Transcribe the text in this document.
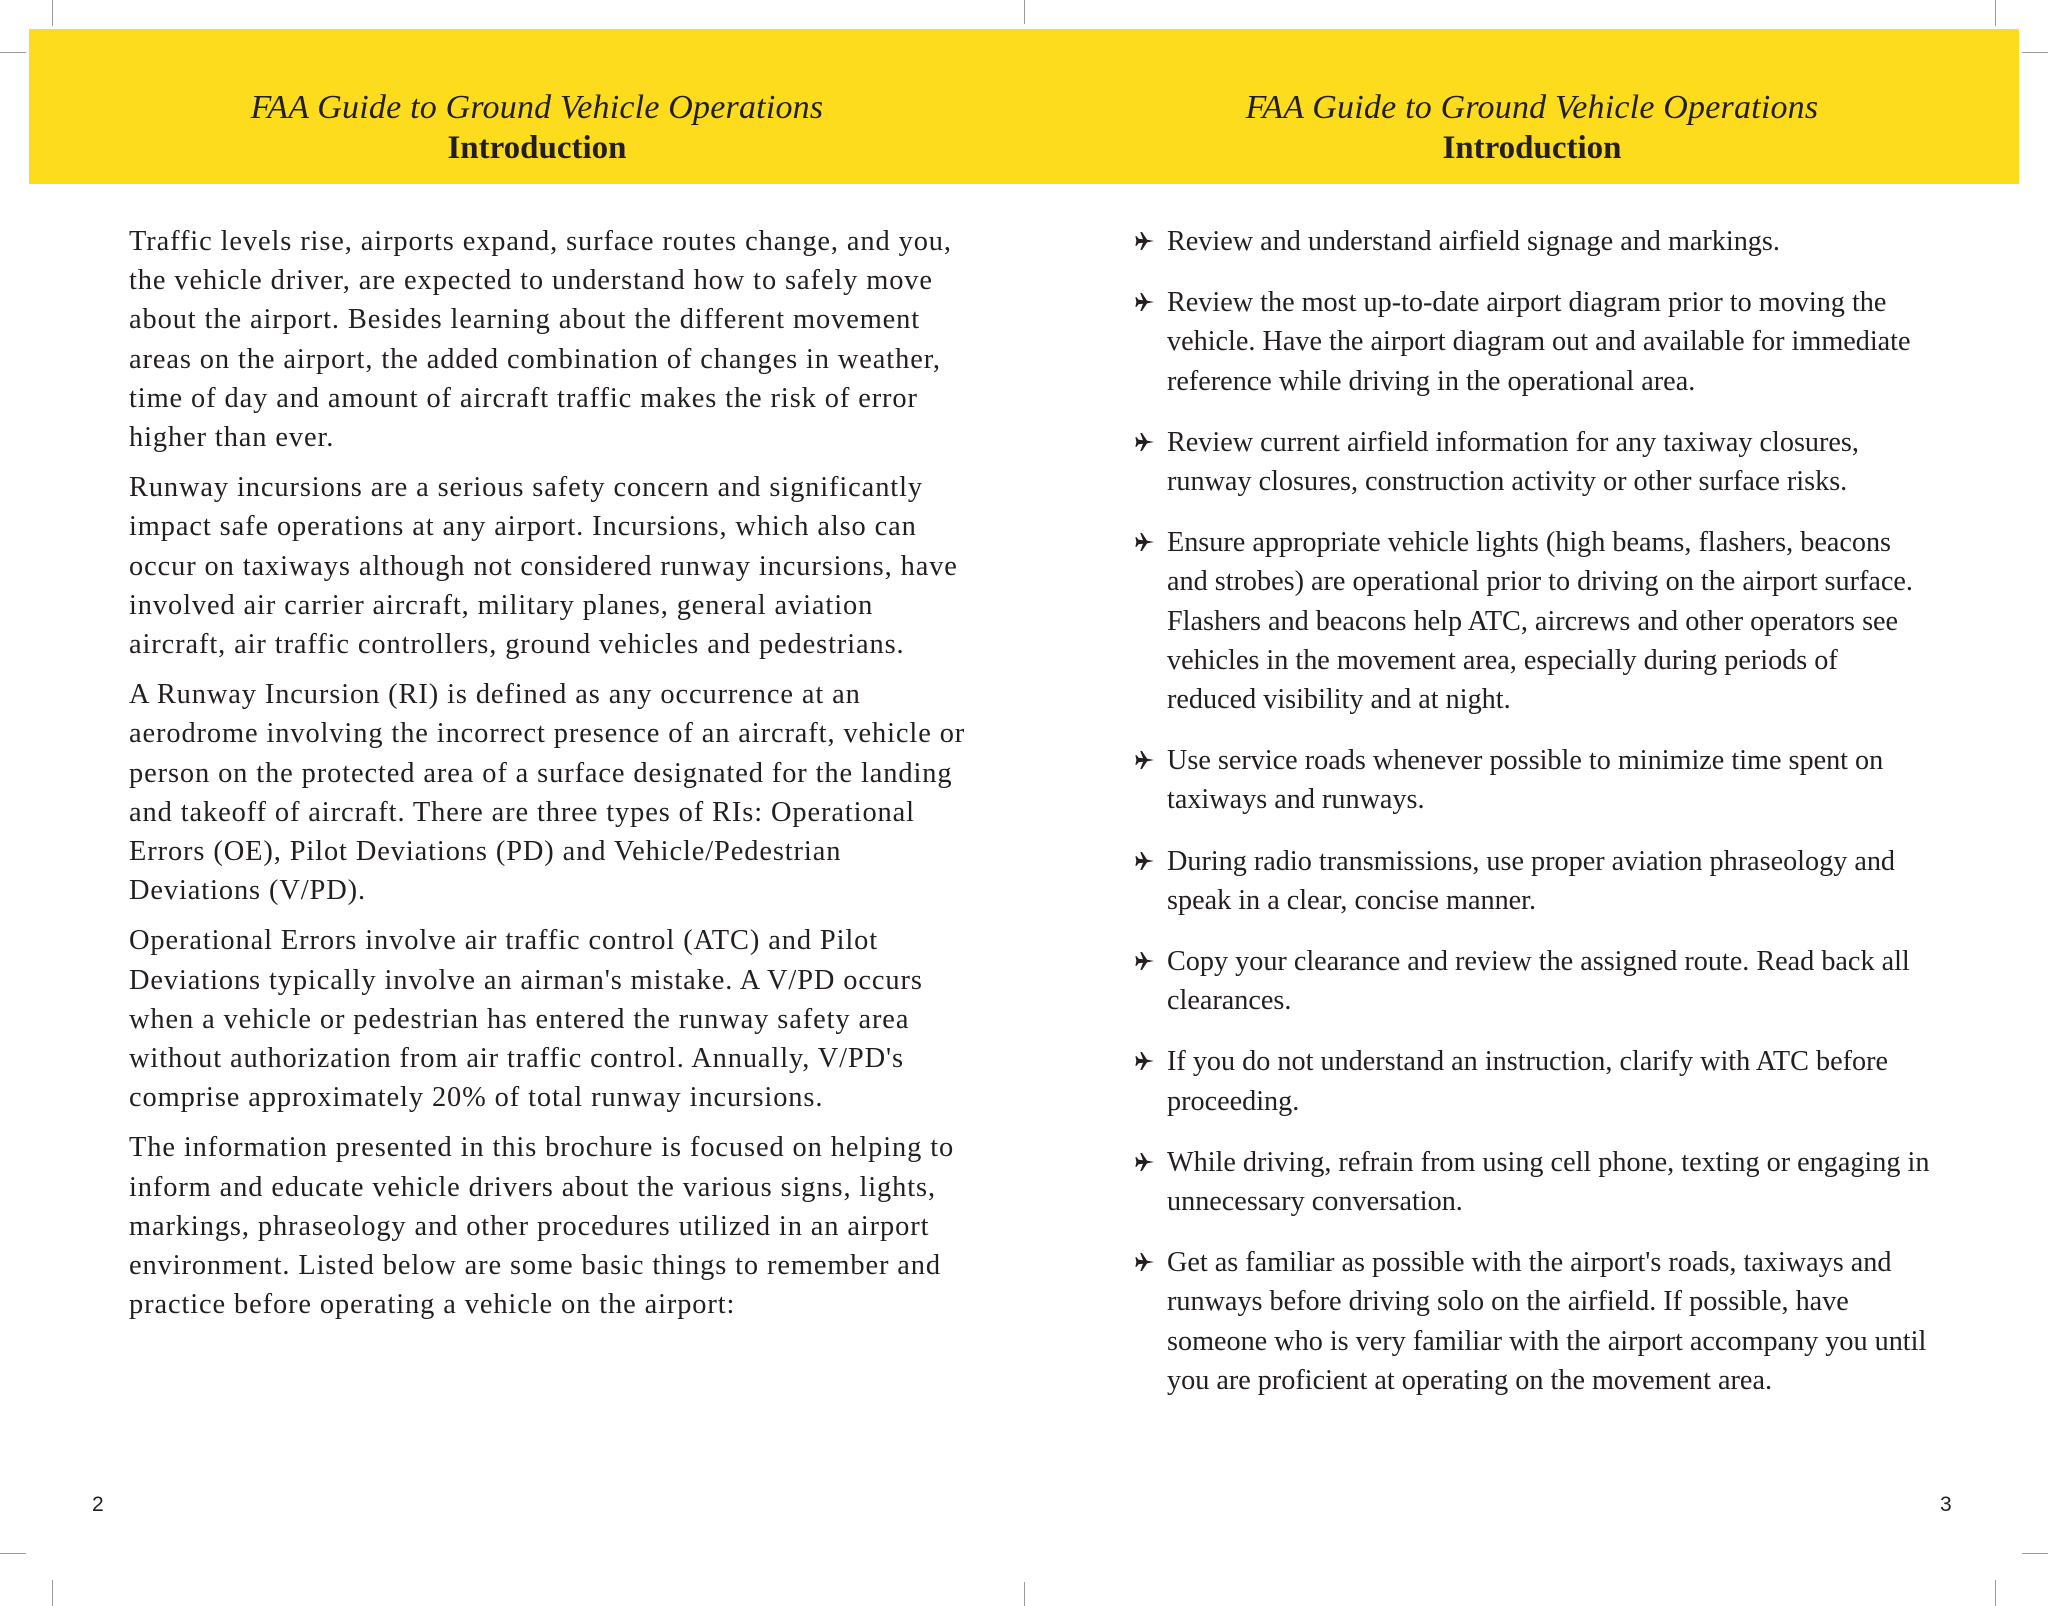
FAA Guide to Ground Vehicle Operations
Introduction

Traffic levels rise, airports expand, surface routes change, and you, the vehicle driver, are expected to understand how to safely move about the airport. Besides learning about the different movement areas on the airport, the added combination of changes in weather, time of day and amount of aircraft traffic makes the risk of error higher than ever.

Runway incursions are a serious safety concern and significantly impact safe operations at any airport. Incursions, which also can occur on taxiways although not considered runway incursions, have involved air carrier aircraft, military planes, general aviation aircraft, air traffic controllers, ground vehicles and pedestrians.

A Runway Incursion (RI) is defined as any occurrence at an aerodrome involving the incorrect presence of an aircraft, vehicle or person on the protected area of a surface designated for the landing and takeoff of aircraft. There are three types of RIs: Operational Errors (OE), Pilot Deviations (PD) and Vehicle/Pedestrian Deviations (V/PD).

Operational Errors involve air traffic control (ATC) and Pilot Deviations typically involve an airman's mistake. A V/PD occurs when a vehicle or pedestrian has entered the runway safety area without authorization from air traffic control. Annually, V/PD's comprise approximately 20% of total runway incursions.

The information presented in this brochure is focused on helping to inform and educate vehicle drivers about the various signs, lights, markings, phraseology and other procedures utilized in an airport environment. Listed below are some basic things to remember and practice before operating a vehicle on the airport:

2
FAA Guide to Ground Vehicle Operations
Introduction
Review and understand airfield signage and markings.
Review the most up-to-date airport diagram prior to moving the vehicle. Have the airport diagram out and available for immediate reference while driving in the operational area.
Review current airfield information for any taxiway closures, runway closures, construction activity or other surface risks.
Ensure appropriate vehicle lights (high beams, flashers, beacons and strobes) are operational prior to driving on the airport surface. Flashers and beacons help ATC, aircrews and other operators see vehicles in the movement area, especially during periods of reduced visibility and at night.
Use service roads whenever possible to minimize time spent on taxiways and runways.
During radio transmissions, use proper aviation phraseology and speak in a clear, concise manner.
Copy your clearance and review the assigned route. Read back all clearances.
If you do not understand an instruction, clarify with ATC before proceeding.
While driving, refrain from using cell phone, texting or engaging in unnecessary conversation.
Get as familiar as possible with the airport's roads, taxiways and runways before driving solo on the airfield. If possible, have someone who is very familiar with the airport accompany you until you are proficient at operating on the movement area.
3
